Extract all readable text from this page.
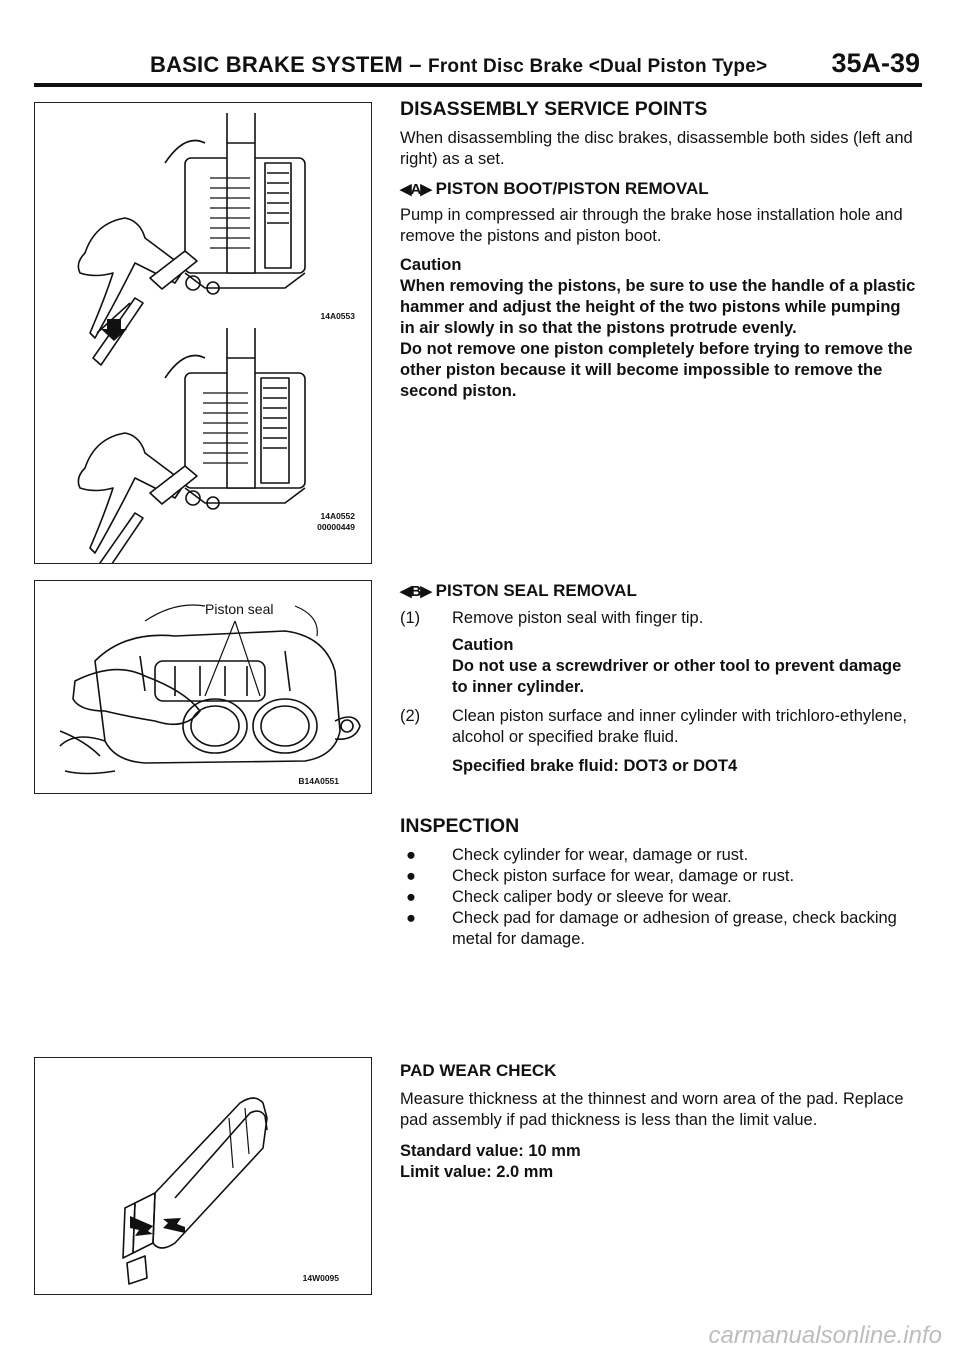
BASIC BRAKE SYSTEM – Front Disc Brake <Dual Piston Type> 35A-39
14A0553
14A0552
00000449
Piston seal
B14A0551
14W0095

DISASSEMBLY SERVICE POINTS

When disassembling the disc brakes, disassemble both sides (left and right) as a set.

◀A▶ PISTON BOOT/PISTON REMOVAL

Pump in compressed air through the brake hose installation hole and remove the pistons and piston boot.

Caution

When removing the pistons, be sure to use the handle of a plastic hammer and adjust the height of the two pistons while pumping in air slowly in so that the pistons protrude evenly.

Do not remove one piston completely before trying to remove the other piston because it will become impossible to remove the second piston.

◀B▶ PISTON SEAL REMOVAL

(1)	Remove piston seal with finger tip.

Caution

Do not use a screwdriver or other tool to prevent damage to inner cylinder.

(2)	Clean piston surface and inner cylinder with trichloro-ethylene, alcohol or specified brake fluid.

Specified brake fluid: DOT3 or DOT4

INSPECTION

●	Check cylinder for wear, damage or rust.
●	Check piston surface for wear, damage or rust.
●	Check caliper body or sleeve for wear.
●	Check pad for damage or adhesion of grease, check backing metal for damage.

PAD WEAR CHECK

Measure thickness at the thinnest and worn area of the pad. Replace pad assembly if pad thickness is less than the limit value.

Standard value: 10 mm

Limit value: 2.0 mm

carmanualsonline.info
